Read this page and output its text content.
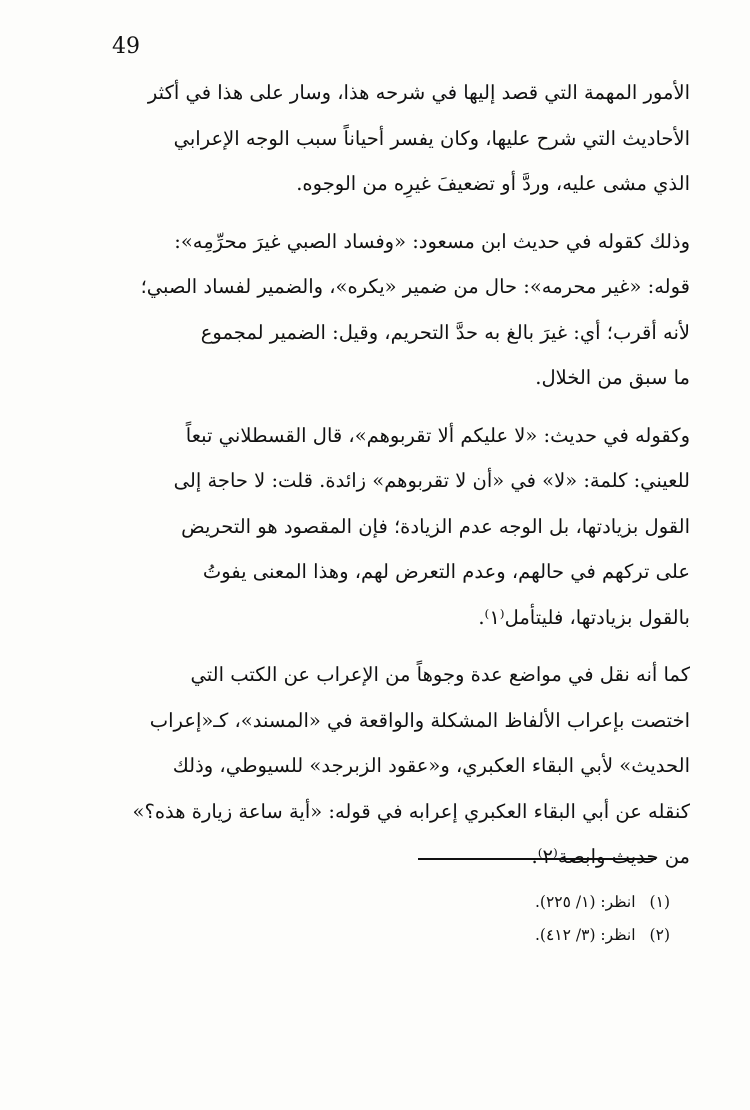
49

الأمور المهمة التي قصد إليها في شرحه هذا، وسار على هذا في أكثر
الأحاديث التي شرح عليها، وكان يفسر أحياناً سبب الوجه الإعرابي
الذي مشى عليه، وردَّ أو تضعيفَ غيرِه من الوجوه.

وذلك كقوله في حديث ابن مسعود: «وفساد الصبي غيرَ محرِّمِه»:
قوله: «غير محرمه»: حال من ضمير «يكره»، والضمير لفساد الصبي؛
لأنه أقرب؛ أي: غيرَ بالغ به حدَّ التحريم، وقيل: الضمير لمجموع
ما سبق من الخلال.

وكقوله في حديث: «لا عليكم ألا تقربوهم»، قال القسطلاني تبعاً
للعيني: كلمة: «لا» في «أن لا تقربوهم» زائدة. قلت: لا حاجة إلى
القول بزيادتها، بل الوجه عدم الزيادة؛ فإن المقصود هو التحريض
على تركهم في حالهم، وعدم التعرض لهم، وهذا المعنى يفوتُ
بالقول بزيادتها، فليتأمل⁽١⁾.

كما أنه نقل في مواضع عدة وجوهاً من الإعراب عن الكتب التي
اختصت بإعراب الألفاظ المشكلة والواقعة في «المسند»، كـ«إعراب
الحديث» لأبي البقاء العكبري، و«عقود الزبرجد» للسيوطي، وذلك
كنقله عن أبي البقاء العكبري إعرابه في قوله: «أية ساعة زيارة هذه؟»
من حديث وابصة⁽٢⁾.

(١)انظر: (١/ ٢٢٥).
(٢)انظر: (٣/ ٤١٢).
